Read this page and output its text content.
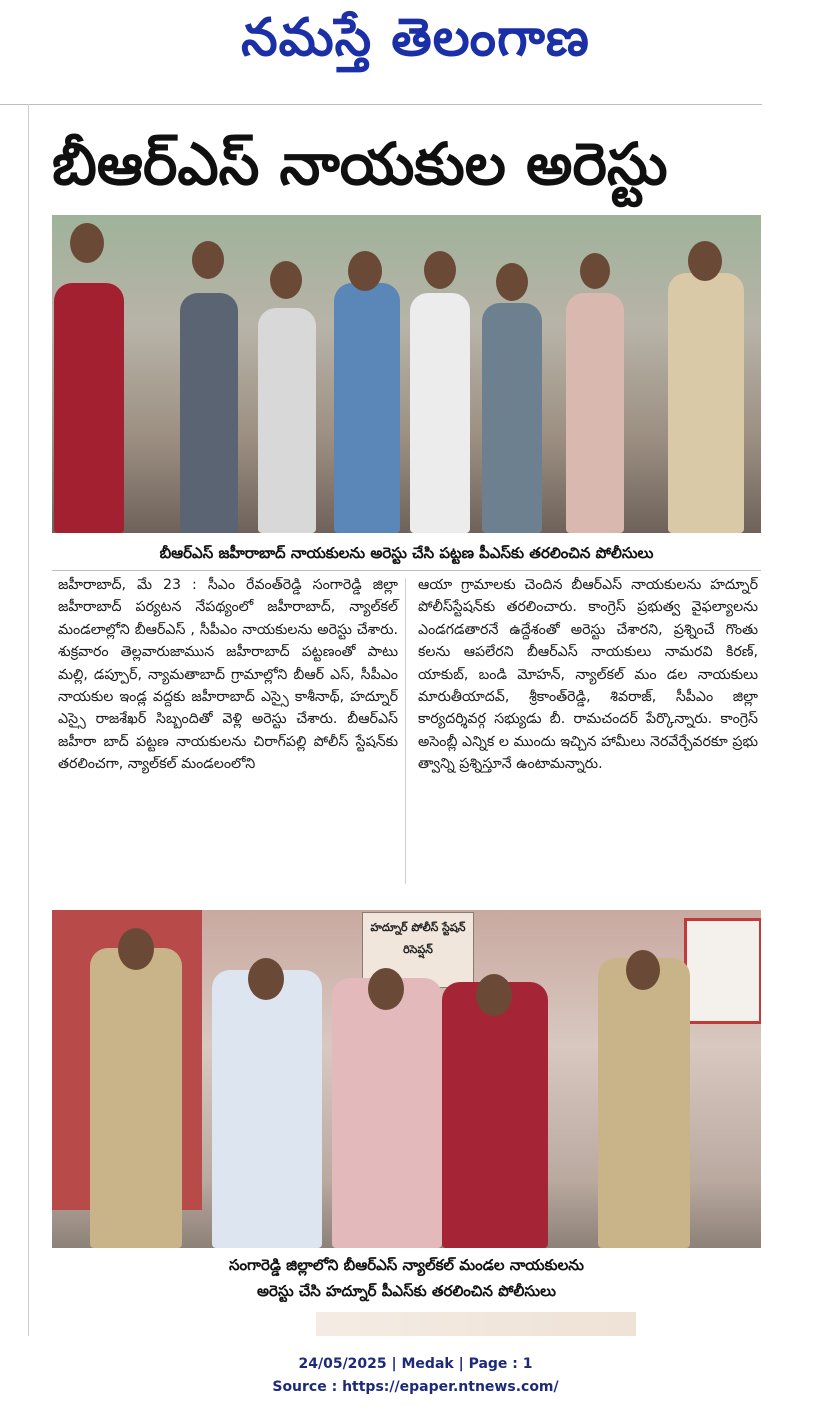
నమస్తే తెలంగాణ
బీఆర్‌ఎస్ నాయకుల అరెస్టు
బీఆర్‌ఎస్ జహీరాబాద్ నాయకులను అరెస్టు చేసి పట్టణ పీఎస్‌కు తరలించిన పోలీసులు
జహీరాబాద్, మే 23 : సీఎం రేవంత్‌రెడ్డి సంగారెడ్డి జిల్లా జహీరాబాద్ పర్యటన నేపథ్యంలో జహీరాబాద్, న్యాల్‌కల్ మండలాల్లోని బీఆర్‌ఎస్ , సీపీఎం నాయకులను అరెస్టు చేశారు. శుక్రవారం తెల్లవారుజామున జహీరాబాద్ పట్టణంతో పాటు మల్లి, డప్పూర్, న్యామతాబాద్ గ్రామాల్లోని బీఆర్ ఎస్, సీపీఎం నాయకుల ఇండ్ల వద్దకు జహీరాబాద్ ఎస్సై కాశీనాథ్, హద్నూర్ ఎస్సై రాజశేఖర్ సిబ్బందితో వెళ్లి అరెస్టు చేశారు. బీఆర్‌ఎస్ జహీరా బాద్ పట్టణ నాయకులను చిరాగ్‌పల్లి పోలీస్ స్టేషన్‌కు తరలించగా, న్యాల్‌కల్ మండలంలోని
ఆయా గ్రామాలకు చెందిన బీఆర్‌ఎస్ నాయకులను హద్నూర్ పోలీస్‌స్టేషన్‌కు తరలించారు. కాంగ్రెస్ ప్రభుత్వ వైఫల్యాలను ఎండగడతారనే ఉద్దేశంతో అరెస్టు చేశారని, ప్రశ్నించే గొంతు కలను ఆపలేరని బీఆర్‌ఎస్ నాయకులు నామరవి కిరణ్, యాకుబ్, బండి మోహన్, న్యాల్‌కల్ మం డల నాయకులు మారుతీయాదవ్, శ్రీకాంత్‌రెడ్డి, శివరాజ్, సీపీఎం జిల్లా కార్యదర్శివర్గ సభ్యుడు బీ. రామచందర్ పేర్కొన్నారు. కాంగ్రెస్ అసెంబ్లీ ఎన్నిక ల ముందు ఇచ్చిన హామీలు నెరవేర్చేవరకూ ప్రభు త్వాన్ని ప్రశ్నిస్తూనే ఉంటామన్నారు.
హద్నూర్ పోలీస్ స్టేషన్ రిసెప్షన్
సంగారెడ్డి జిల్లాలోని బీఆర్‌ఎస్ న్యాల్‌కల్ మండల నాయకులను
అరెస్టు చేసి హద్నూర్ పీఎస్‌కు తరలించిన పోలీసులు
24/05/2025 | Medak | Page : 1
Source : https://epaper.ntnews.com/
